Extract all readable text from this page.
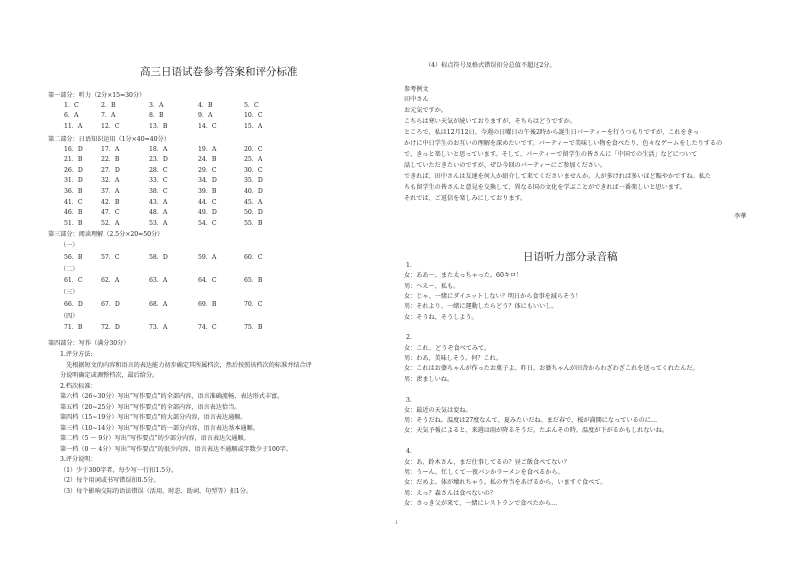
高三日语试卷参考答案和评分标准
第一部分：听力（2分×15=30分）
第二部分：日语知识运用（1分×40=40分）
第三部分：阅读理解（2.5分×20=50分）
第四部分：写作（满分30分）
（4）标点符号及格式错误扣分总值不超过2分。
参考例文
李華
日语听力部分录音稿
1
1．C	2．B	3．A	4．B	5．C
6．A	7．A	8．B	9．A	10．C
11．A	12．C	13．B	14．C	15．A
16．D	17．A	18．A	19．A	20．C
21．B	22．B	23．D	24．B	25．A
26．D	27．D	28．C	29．C	30．C
31．D	32．A	33．C	34．D	35．D
36．B	37．A	38．C	39．B	40．D
41．C	42．B	43．A	44．C	45．A
46．B	47．C	48．A	49．D	50．D
51．B	52．A	53．A	54．C	55．B
（一）
56．B	57．C	58．D	59．A	60．C
（二）
61．C	62．A	63．A	64．C	65．B
（三）
66．D	67．D	68．A	69．B	70．C
（四）
71．B	72．D	73．A	74．C	75．B
1.评分方法:
　先根据短文的内容和语言的表达能力初步确定其所属档次，然后按照该档次的标准并结合评
分说明确定或调整档次，最后给分。
2.档次标准：
第六档（26~30分）写出“写作要点”的全部内容，语言准确流畅，表达形式丰富。
第五档（20~25分）写出“写作要点”的全部内容，语言表达恰当。
第四档（15~19分）写出“写作要点”的大部分内容，语言表达通顺。
第三档（10~14分）写出“写作要点”的一部分内容，语言表达基本通顺。
第二档（5 ～ 9分）写出“写作要点”的少部分内容，语言表达欠通顺。
第一档（0 ～ 4分）写出“写作要点”的很少内容，语言表达不通顺或字数少于100字。
3.评分说明：
（1）少于300字者，每少写一行扣1.5分。
（2）每个用词或书写错误扣0.5分。
（3）每个影响交际的语法错误（活用、时态、助词、句型等）扣1分。
田中さん
お元気ですか。
こちらは寒い天気が続いておりますが、そちらはどうですか。
ところで、私は12月12日、今週の日曜日の午後2時から誕生日パーティーを行うつもりですが、これをきっ
かけに中日学生のお互いの理解を深めたいです。パーティーで美味しい物を食べたり、色々なゲームをしたりするの
で、きっと楽しいと思っています。そして、パーティーで留学生の皆さんに「中国での生活」などについて
話していただきたいのですが、ぜひ今回のパーティーにご参加ください。
できれば、田中さんは友達を何人か紹介して来てくださいませんか。人が多ければ多いほど賑やかですね。私た
ちも留学生の皆さんと意見を交換して、異なる国の文化を学ぶことができれば一番楽しいと思います。
それでは、ご返信を楽しみにしております。
1．
女：ああ～、また太っちゃった。60キロ！
男：へえ～、私も。
女：じゃ、一緒にダイエットしない？明日から食事を減らそう！
男：それより、一緒に運動したらどう？体にもいいし。
女：そうね、そうしよう。
2．
女：これ、どうぞ食べてみて。
男：わあ、美味しそう。何？これ。
女：これはお婆ちゃんが作ったお菓子よ。昨日、お婆ちゃんが田舎からわざわざこれを送ってくれたんだ。
男：羨ましいね。
3．
女：最近の天気は変ね。
男：そうだね。温度は27度なんて、夏みたいだね。まだ春で、桜が満開になっているのに…
女：天気予報によると、来週は雨が降るそうだ。たぶんその時、温度が下がるかもしれないね。
4．
女：あ、鈴木さん、まだ仕事してるの？昼ご飯食べてない？
男：うーん。忙しくて一夜パンかラーメンを食べるから。
女：だめよ。体が壊れちゃう。私の弁当をあげるから、いますぐ食べて。
男：えっ？森さんは食べないの？
女：さっき父が来て、一緒にレストランで食べたから…
